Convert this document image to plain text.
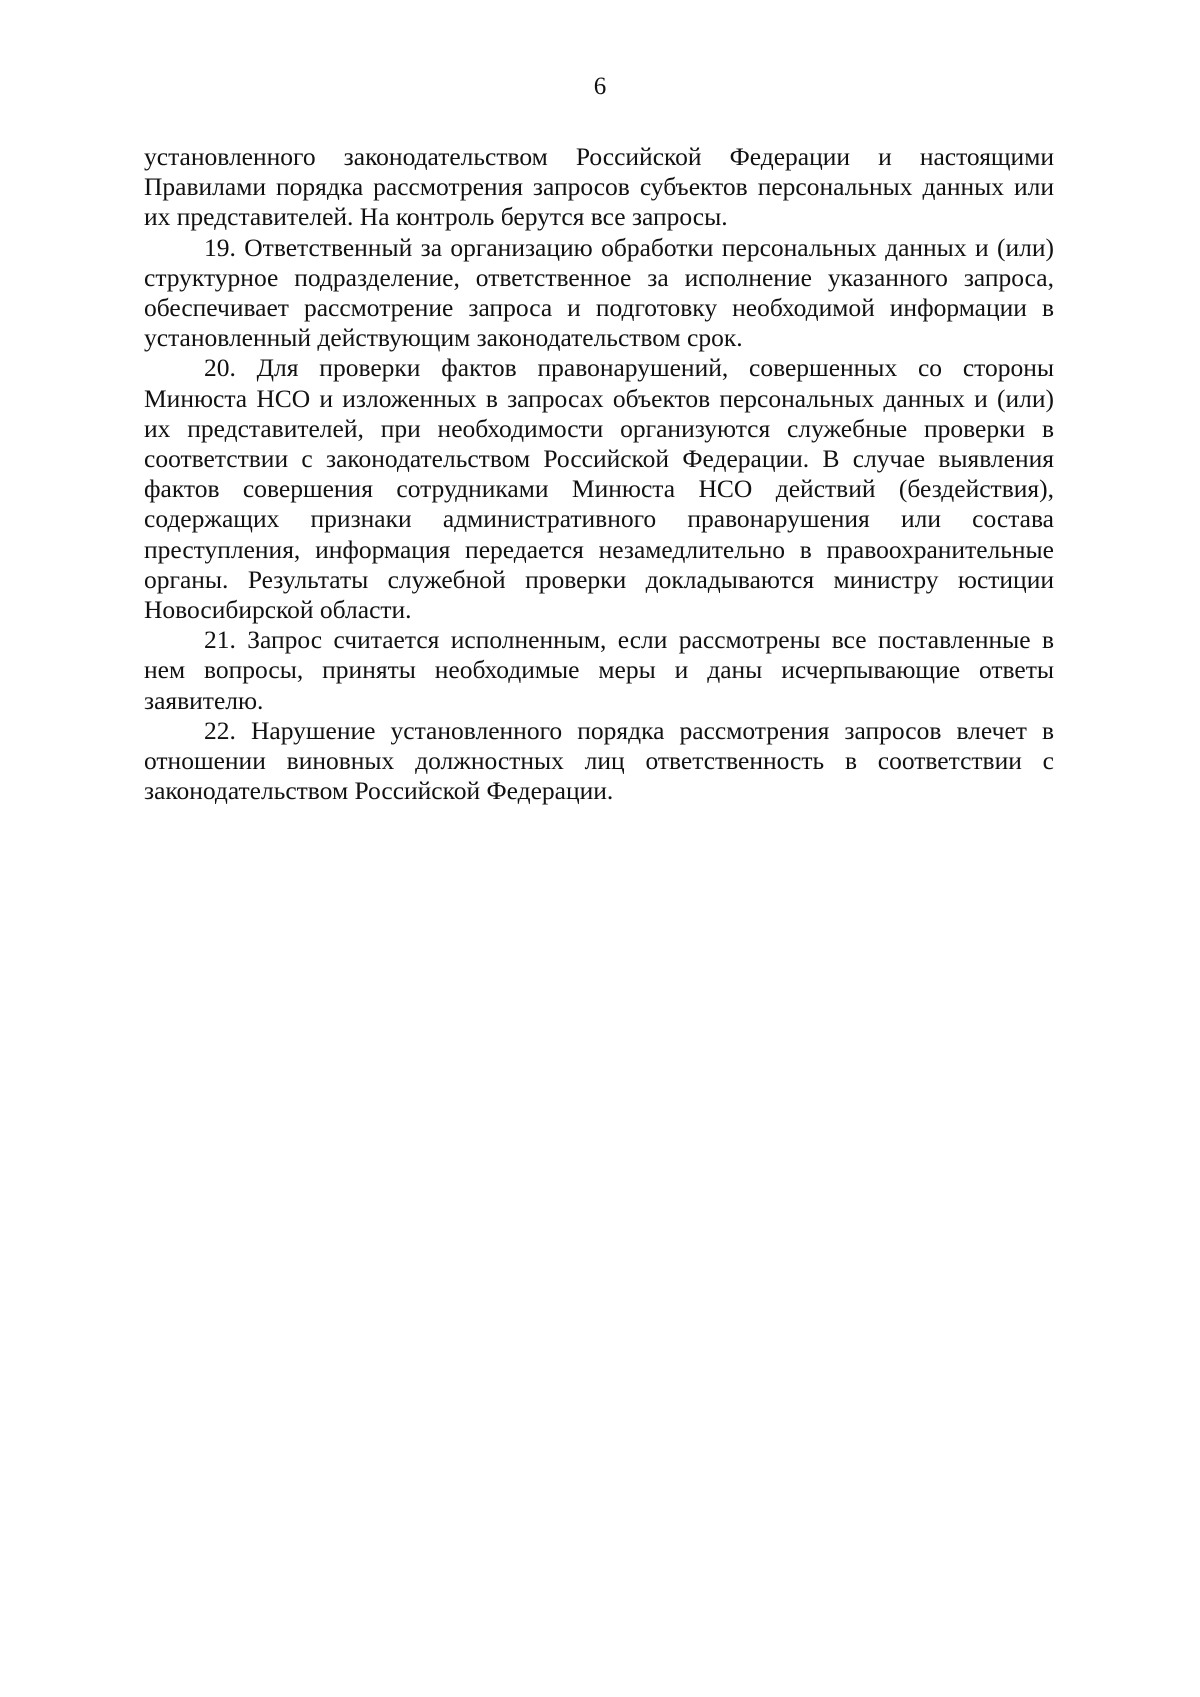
6

установленного законодательством Российской Федерации и настоящими Правилами порядка рассмотрения запросов субъектов персональных данных или их представителей. На контроль берутся все запросы.

19. Ответственный за организацию обработки персональных данных и (или) структурное подразделение, ответственное за исполнение указанного запроса, обеспечивает рассмотрение запроса и подготовку необходимой информации в установленный действующим законодательством срок.

20. Для проверки фактов правонарушений, совершенных со стороны Минюста НСО и изложенных в запросах объектов персональных данных и (или) их представителей, при необходимости организуются служебные проверки в соответствии с законодательством Российской Федерации. В случае выявления фактов совершения сотрудниками Минюста НСО действий (бездействия), содержащих признаки административного правонарушения или состава преступления, информация передается незамедлительно в правоохранительные органы. Результаты служебной проверки докладываются министру юстиции Новосибирской области.

21. Запрос считается исполненным, если рассмотрены все поставленные в нем вопросы, приняты необходимые меры и даны исчерпывающие ответы заявителю.

22. Нарушение установленного порядка рассмотрения запросов влечет в отношении виновных должностных лиц ответственность в соответствии с законодательством Российской Федерации.
